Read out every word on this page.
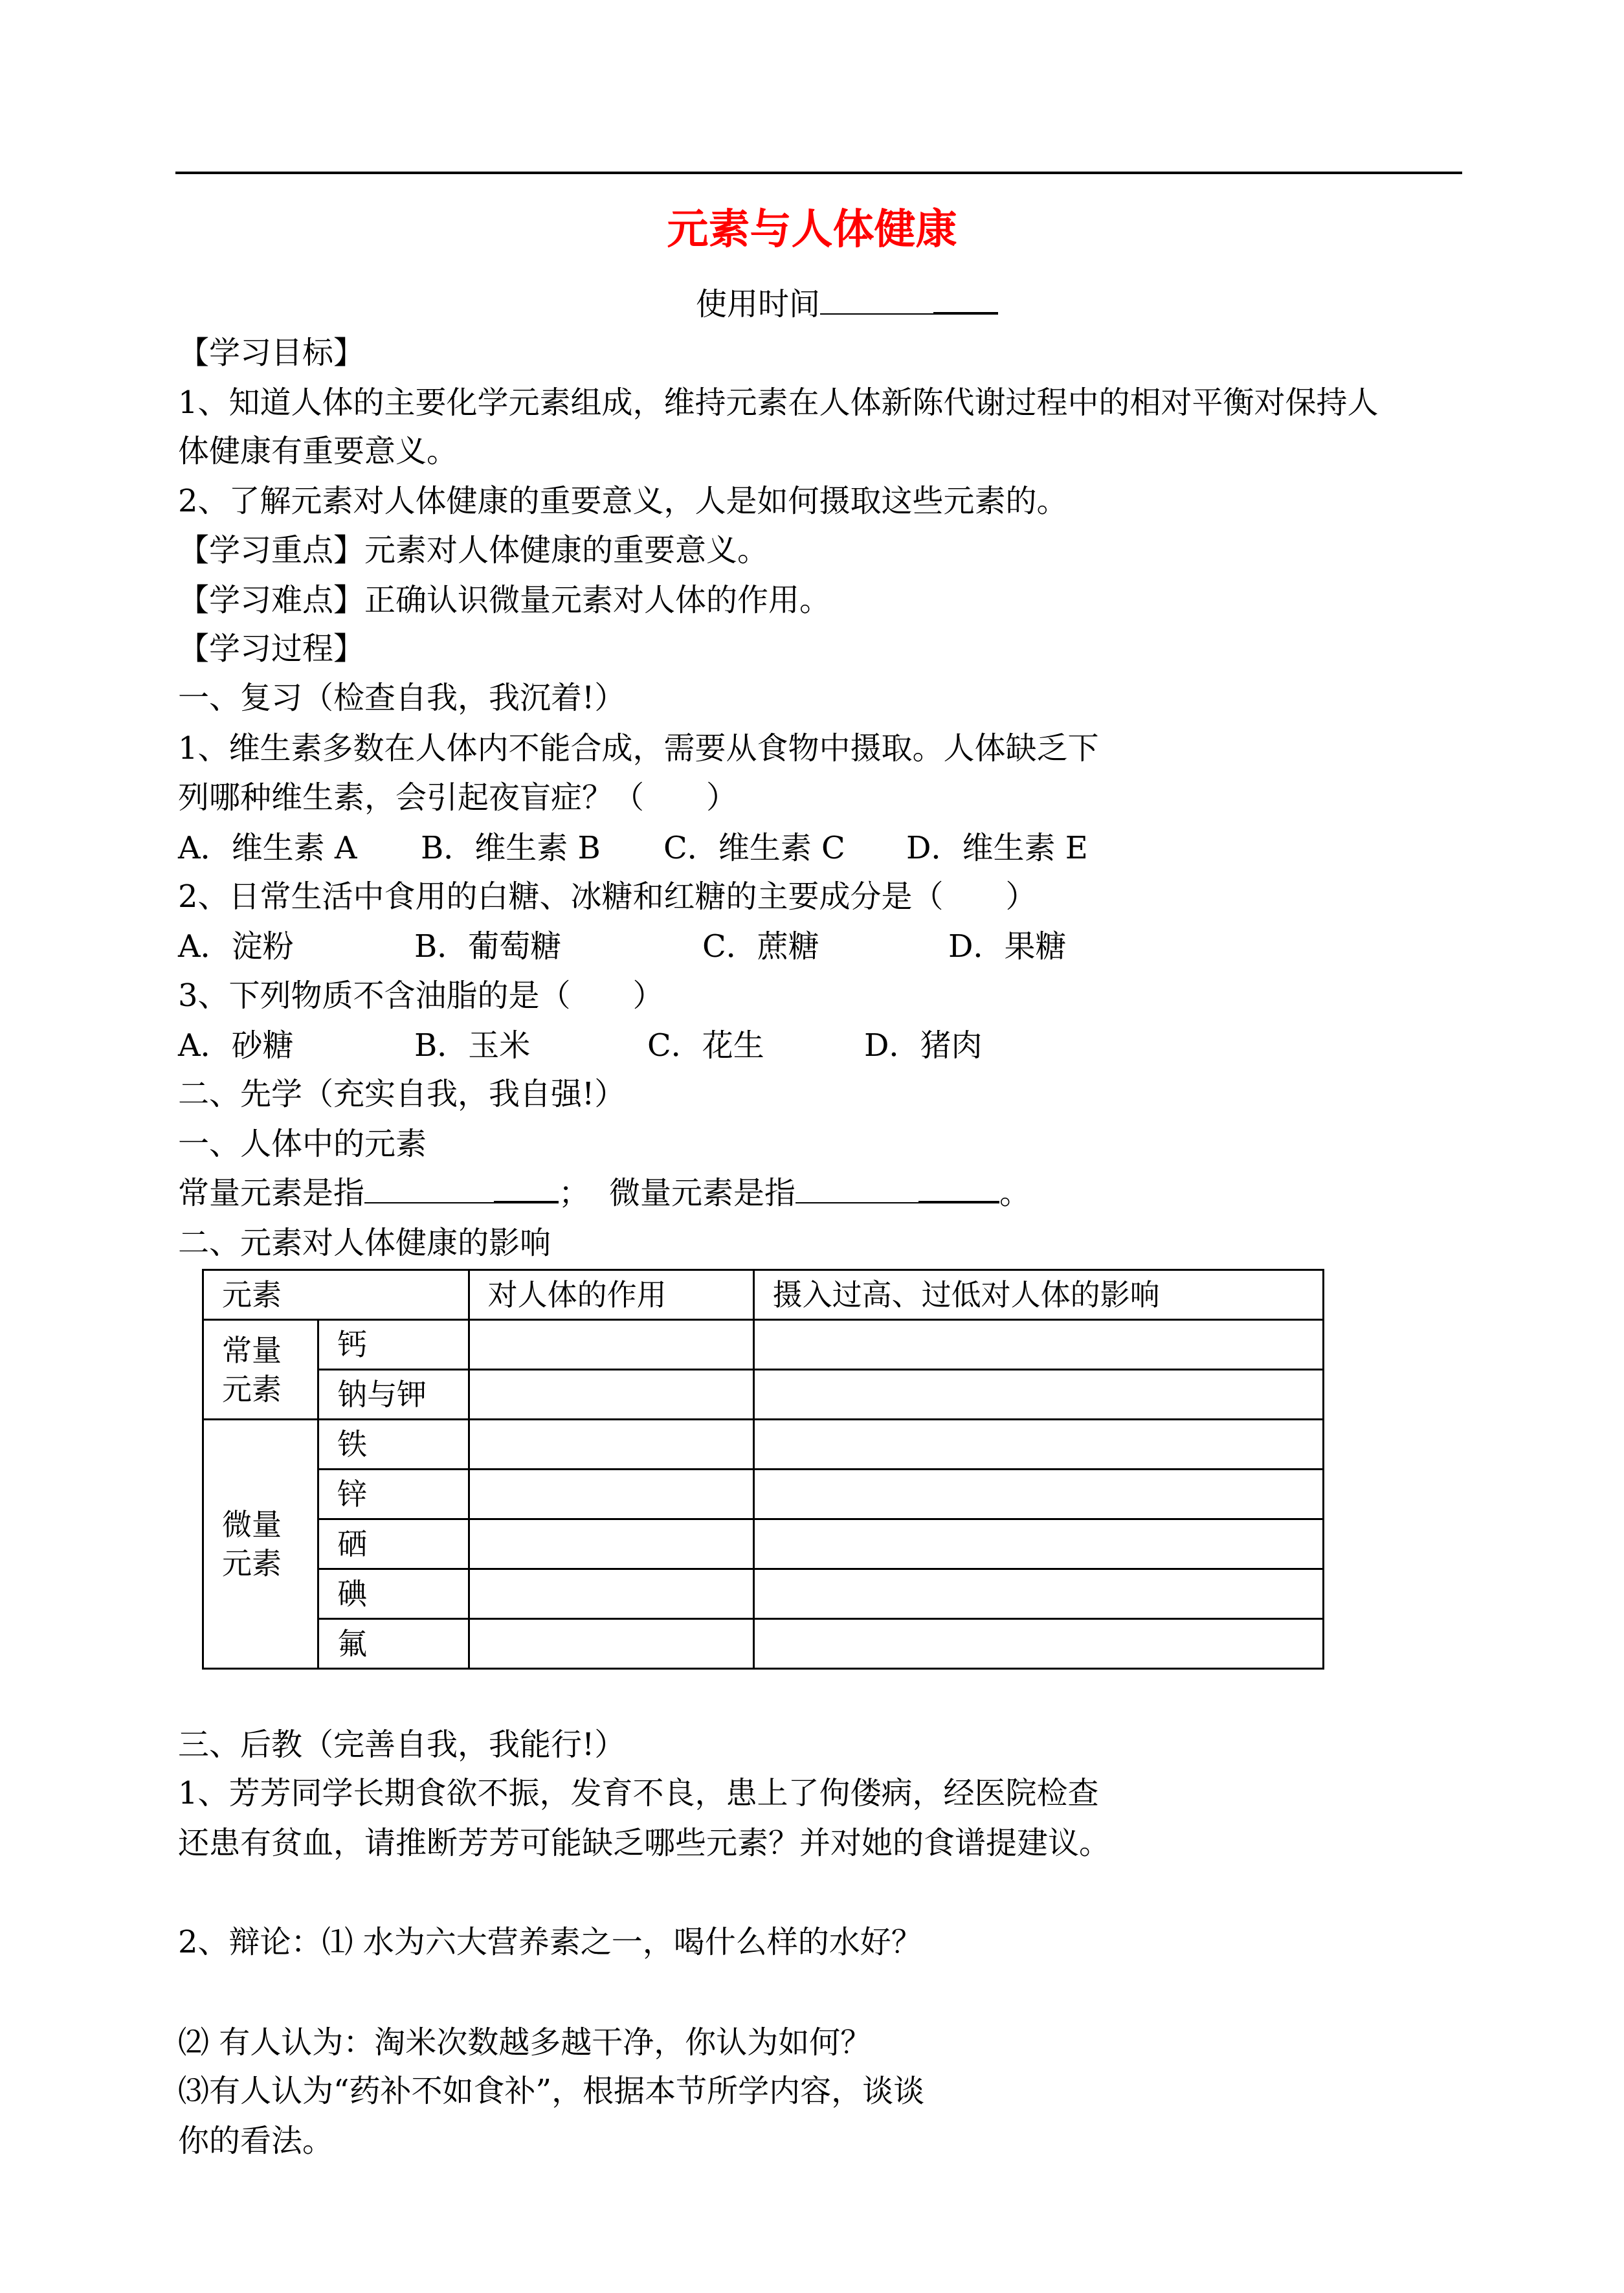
元素与人体健康
使用时间
【学习目标】
1、知道人体的主要化学元素组成，维持元素在人体新陈代谢过程中的相对平衡对保持人
体健康有重要意义。
2、了解元素对人体健康的重要意义，人是如何摄取这些元素的。
【学习重点】元素对人体健康的重要意义。
【学习难点】正确认识微量元素对人体的作用。
【学习过程】
一、复习（检查自我，我沉着!）
1、维生素多数在人体内不能合成，需要从食物中摄取。人体缺乏下
列哪种维生素，会引起夜盲症？（　　）
A．维生素 A B．维生素 B C．维生素 C D．维生素 E
2、日常生活中食用的白糖、冰糖和红糖的主要成分是（　　）
A．淀粉	B．葡萄糖	C．蔗糖	D．果糖
3、下列物质不含油脂的是（　　）
A．砂糖	B．玉米	C．花生	D．猪肉
二、先学（充实自我，我自强!）
一、人体中的元素
常量元素是指	； 微量元素是指	。
二、元素对人体健康的影响
元素		对人体的作用	摄入过高、过低对人体的影响
常量
元素	钙		
	钠与钾		
微量
元素	铁		
	锌		
	硒		
	碘		
	氟		
三、后教（完善自我，我能行!）
1、芳芳同学长期食欲不振，发育不良，患上了佝偻病，经医院检查
还患有贫血，请推断芳芳可能缺乏哪些元素？并对她的食谱提建议。
2、辩论：⑴ 水为六大营养素之一，喝什么样的水好？
⑵ 有人认为：淘米次数越多越干净，你认为如何？
⑶有人认为“药补不如食补”，根据本节所学内容，谈谈
你的看法。
